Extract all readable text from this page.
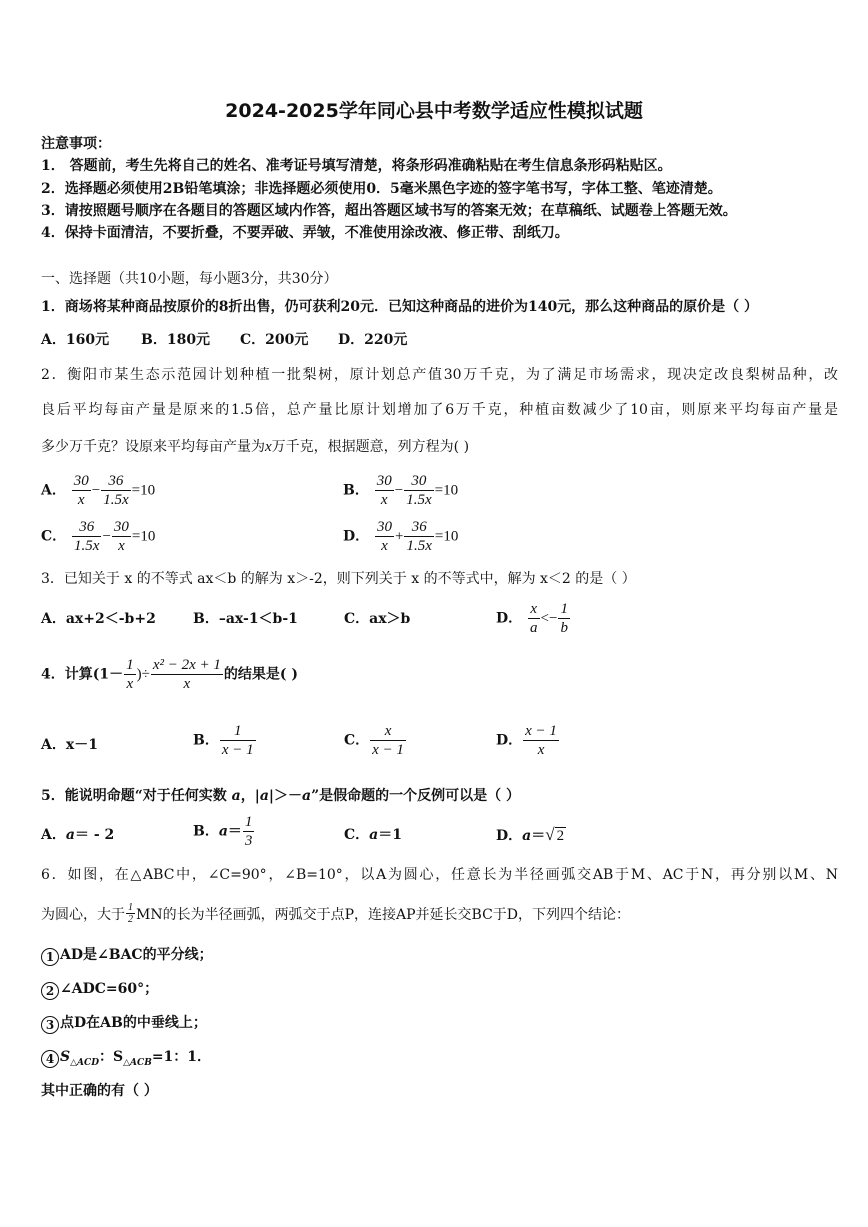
2024-2025学年同心县中考数学适应性模拟试题
注意事项：
1． 答题前，考生先将自己的姓名、准考证号填写清楚，将条形码准确粘贴在考生信息条形码粘贴区。
2．选择题必须使用2B铅笔填涂；非选择题必须使用0．5毫米黑色字迹的签字笔书写，字体工整、笔迹清楚。
3．请按照题号顺序在各题目的答题区域内作答，超出答题区域书写的答案无效；在草稿纸、试题卷上答题无效。
4．保持卡面清洁，不要折叠，不要弄破、弄皱，不准使用涂改液、修正带、刮纸刀。
一、选择题（共10小题，每小题3分，共30分）
1．商场将某种商品按原价的8折出售，仍可获利20元．已知这种商品的进价为140元，那么这种商品的原价是（ ）
A．160元 B．180元 C．200元 D．220元
2．衡阳市某生态示范园计划种植一批梨树，原计划总产值30万千克，为了满足市场需求，现决定改良梨树品种，改
良后平均每亩产量是原来的1.5倍，总产量比原计划增加了6万千克，种植亩数减少了10亩，则原来平均每亩产量是
多少万千克？设原来平均每亩产量为x万千克，根据题意，列方程为( )
A． $\frac{30}{x} - \frac{36}{1.5x} =10$	B． $\frac{30}{x} - \frac{30}{1.5x} =10$
C． $\frac{36}{1.5x} - \frac{30}{x} =10$	D． $\frac{30}{x} + \frac{36}{1.5x} =10$
3．已知关于 x 的不等式 ax＜b 的解为 x＞-2，则下列关于 x 的不等式中，解为 x＜2 的是（ ）
A．ax+2＜-b+2	B．–ax-1＜b-1	C．ax＞b	D． $\frac{x}{a} <- \frac{1}{b}$
4．计算($1- \frac{1}{x}$ )÷ $\frac{\text{x² − 2x + 1}}{x}$ 的结果是( )
A．x－1	B． $\frac{1}{x - 1}$	C． $\frac{x}{x - 1}$	D． $\frac{x - 1}{x}$
5．能说明命题“对于任何实数 a，|a|＞－a”是假命题的一个反例可以是（ ）
A．a＝ - 2	B．$a= \frac{1}{3}$	C．a＝1	D．a＝√ 2
6．如图，在△ABC中，∠C=90°，∠B=10°，以A为圆心，任意长为半径画弧交AB于M、AC于N，再分别以M、N
为圆心，大于 $\frac{1}{2}$ MN的长为半径画弧，两弧交于点P，连接AP并延长交BC于D，下列四个结论：
1 AD是∠BAC的平分线；
2 ∠ADC=60°；
3 点D在AB的中垂线上；
4 $S_{\triangle ACD}$：$S_{\triangle ACB}=1$：1．
其中正确的有（ ）
